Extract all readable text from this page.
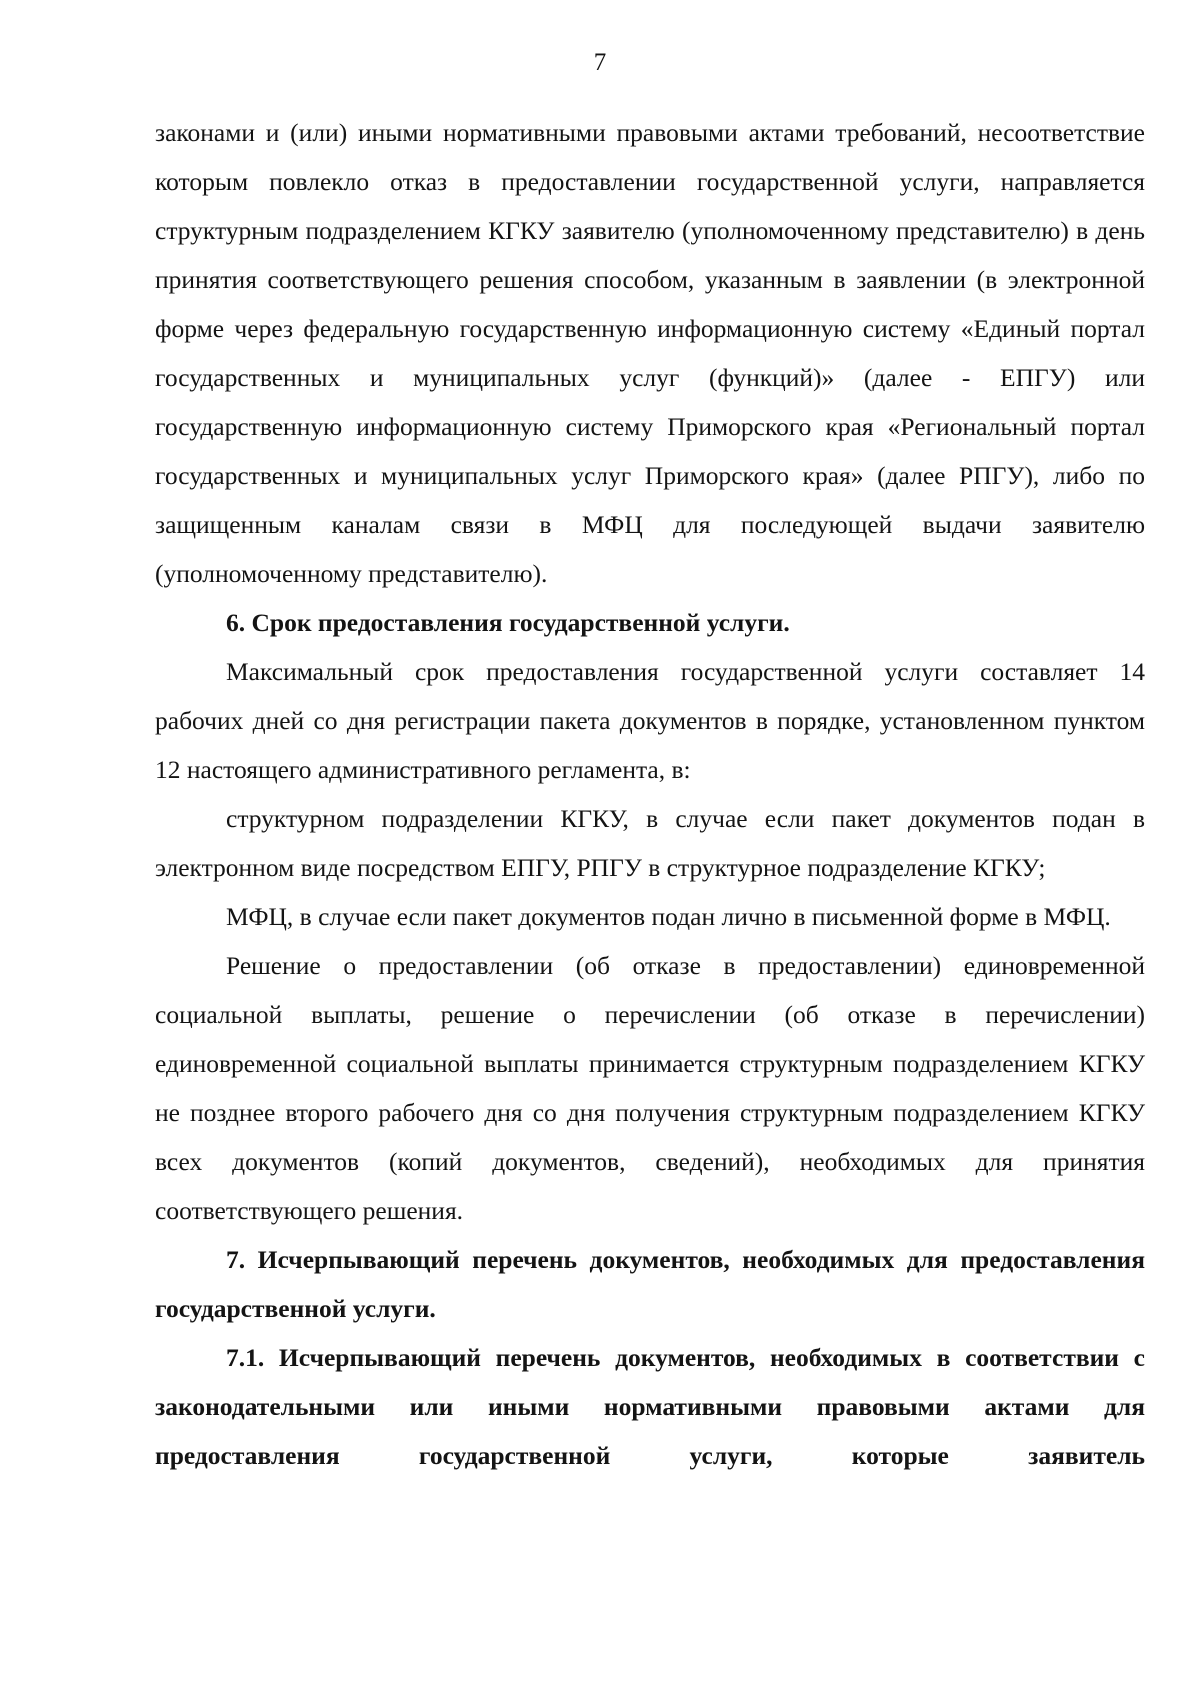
7

законами и (или) иными нормативными правовыми актами требований, несоответствие которым повлекло отказ в предоставлении государственной услуги, направляется структурным подразделением КГКУ заявителю (уполномоченному представителю) в день принятия соответствующего решения способом, указанным в заявлении (в электронной форме через федеральную государственную информационную систему «Единый портал государственных и муниципальных услуг (функций)» (далее - ЕПГУ) или государственную информационную систему Приморского края «Региональный портал государственных и муниципальных услуг Приморского края» (далее РПГУ), либо по защищенным каналам связи в МФЦ для последующей выдачи заявителю (уполномоченному представителю).

6. Срок предоставления государственной услуги.

Максимальный срок предоставления государственной услуги составляет 14 рабочих дней со дня регистрации пакета документов в порядке, установленном пунктом 12 настоящего административного регламента, в:

структурном подразделении КГКУ, в случае если пакет документов подан в электронном виде посредством ЕПГУ, РПГУ в структурное подразделение КГКУ;

МФЦ, в случае если пакет документов подан лично в письменной форме в МФЦ.

Решение о предоставлении (об отказе в предоставлении) единовременной социальной выплаты, решение о перечислении (об отказе в перечислении) единовременной социальной выплаты принимается структурным подразделением КГКУ не позднее второго рабочего дня со дня получения структурным подразделением КГКУ всех документов (копий документов, сведений), необходимых для принятия соответствующего решения.

7. Исчерпывающий перечень документов, необходимых для предоставления государственной услуги.

7.1. Исчерпывающий перечень документов, необходимых в соответствии с законодательными или иными нормативными правовыми актами для предоставления государственной услуги, которые заявитель
